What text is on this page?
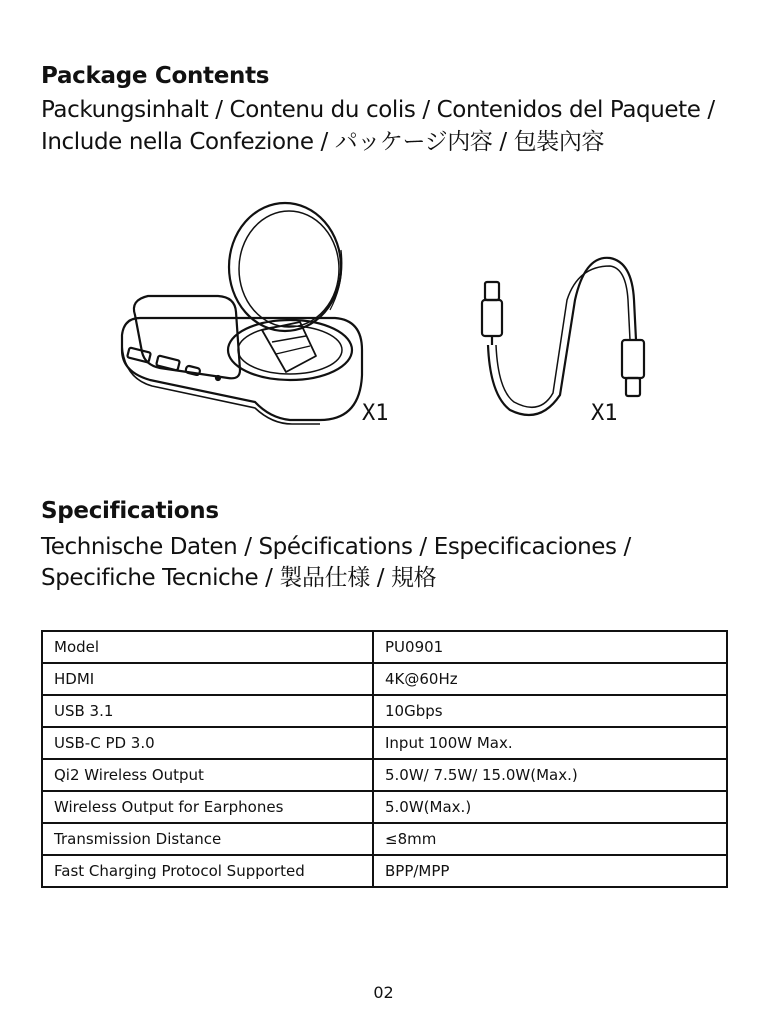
Package Contents
Packungsinhalt / Contenu du colis / Contenidos del Paquete /
Include nella Confezione / パッケージ内容 / 包裝內容
X1	X1
Specifications
Technische Daten / Spécifications / Especificaciones /
Specifiche Tecniche / 製品仕様 / 規格
Model	PU0901
HDMI	4K@60Hz
USB 3.1	10Gbps
USB-C PD 3.0	Input 100W Max.
Qi2 Wireless Output	5.0W/ 7.5W/ 15.0W(Max.)
Wireless Output for Earphones	5.0W(Max.)
Transmission Distance	≤8mm
Fast Charging Protocol Supported	BPP/MPP
02
